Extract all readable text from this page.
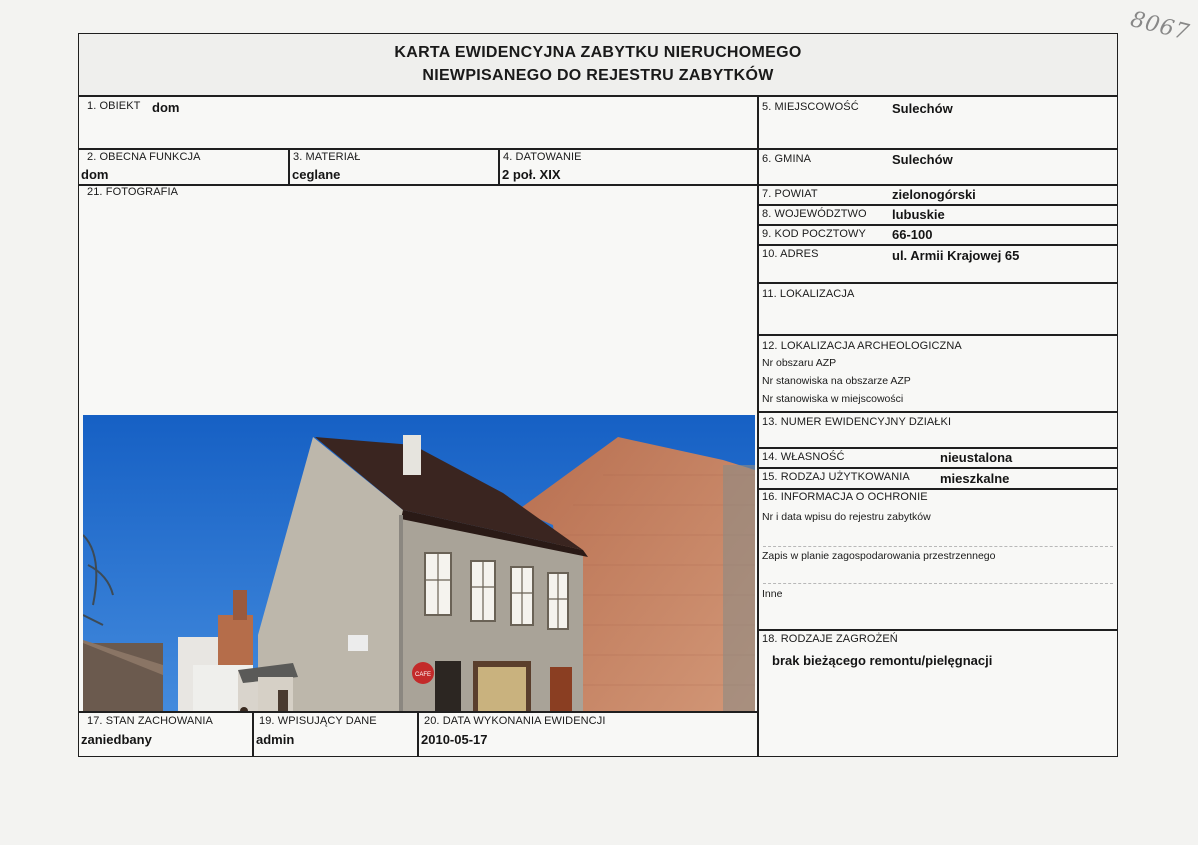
8067
KARTA EWIDENCYJNA ZABYTKU NIERUCHOMEGO
NIEWPISANEGO DO REJESTRU ZABYTKÓW
1. OBIEKT dom
2. OBECNA FUNKCJA
dom
3. MATERIAŁ
ceglane
4. DATOWANIE
2 poł. XIX
21. FOTOGRAFIA
CAFE
17. STAN ZACHOWANIA
zaniedbany
19. WPISUJĄCY DANE
admin
20. DATA WYKONANIA EWIDENCJI
2010-05-17
5. MIEJSCOWOŚĆ	Sulechów
6. GMINA	Sulechów
7. POWIAT	zielonogórski
8. WOJEWÓDZTWO lubuskie
9. KOD POCZTOWY 66-100
10. ADRES	ul. Armii Krajowej 65
11. LOKALIZACJA
12. LOKALIZACJA ARCHEOLOGICZNA
Nr obszaru AZP
Nr stanowiska na obszarze AZP
Nr stanowiska w miejscowości
13. NUMER EWIDENCYJNY DZIAŁKI
14. WŁASNOŚĆ	nieustalona
15. RODZAJ UŻYTKOWANIA mieszkalne
16. INFORMACJA O OCHRONIE
Nr i data wpisu do rejestru zabytków
Zapis w planie zagospodarowania przestrzennego
Inne
18. RODZAJE ZAGROŻEŃ
brak bieżącego remontu/pielęgnacji
